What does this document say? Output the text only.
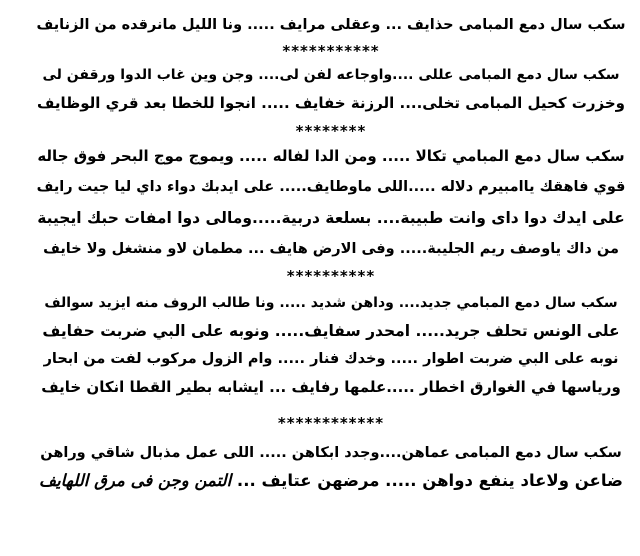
سكب سال دمع المبامى حذايف ... وعقلى مرايف ..... ونا الليل مانرقده من الزنايف
***********
سكب سال دمع المبامى عللى ....واوجاعه لفن لى.... وجن وين غاب الدوا ورقفن لى
وخزرت كحيل المبامى تخلى.... الرزنة خفايف ..... انجوا للخطا بعد قري الوظايف
********
سكب سال دمع المبامي تكالا ..... ومن الدا لفاله ..... ويموج موج البحر فوق جاله
قوي فاهقك ياامبيرم دلاله .....اللى ماوطايف..... على ايدبك دواء داي ليا جيت رايف
على ايدك دوا داى وانت طبيبة.... بسلعة دربية.....ومالى دوا امفات حبك ايجيبة
من داك ياوصف ريم الجليبة..... وفى الارض هايف ... مطمان لاو منشغل ولا خايف
**********
سكب سال دمع المبامي جديد.... وداهن شديد ..... ونا طالب الروف منه ايزيد سوالف
على الونس تحلف جريد..... امحدر سفايف..... ونوبه على البي ضربت حفايف
نوبه على البي ضربت اطوار ..... وخدك فنار ..... وام الزول مركوب لفت من ابحار
ورياسها في الغوارق اخطار .....علمها رفايف ... ايشابه بطير القطا انكان خايف
************
سكب سال دمع المبامى عماهن....وجدد ابكاهن ..... اللى عمل مذبال شاقي وراهن
ضاعن ولاعاد ينفع دواهن ..... مرضهن عتايف ... التمن وجن فى مرق اللهايف
